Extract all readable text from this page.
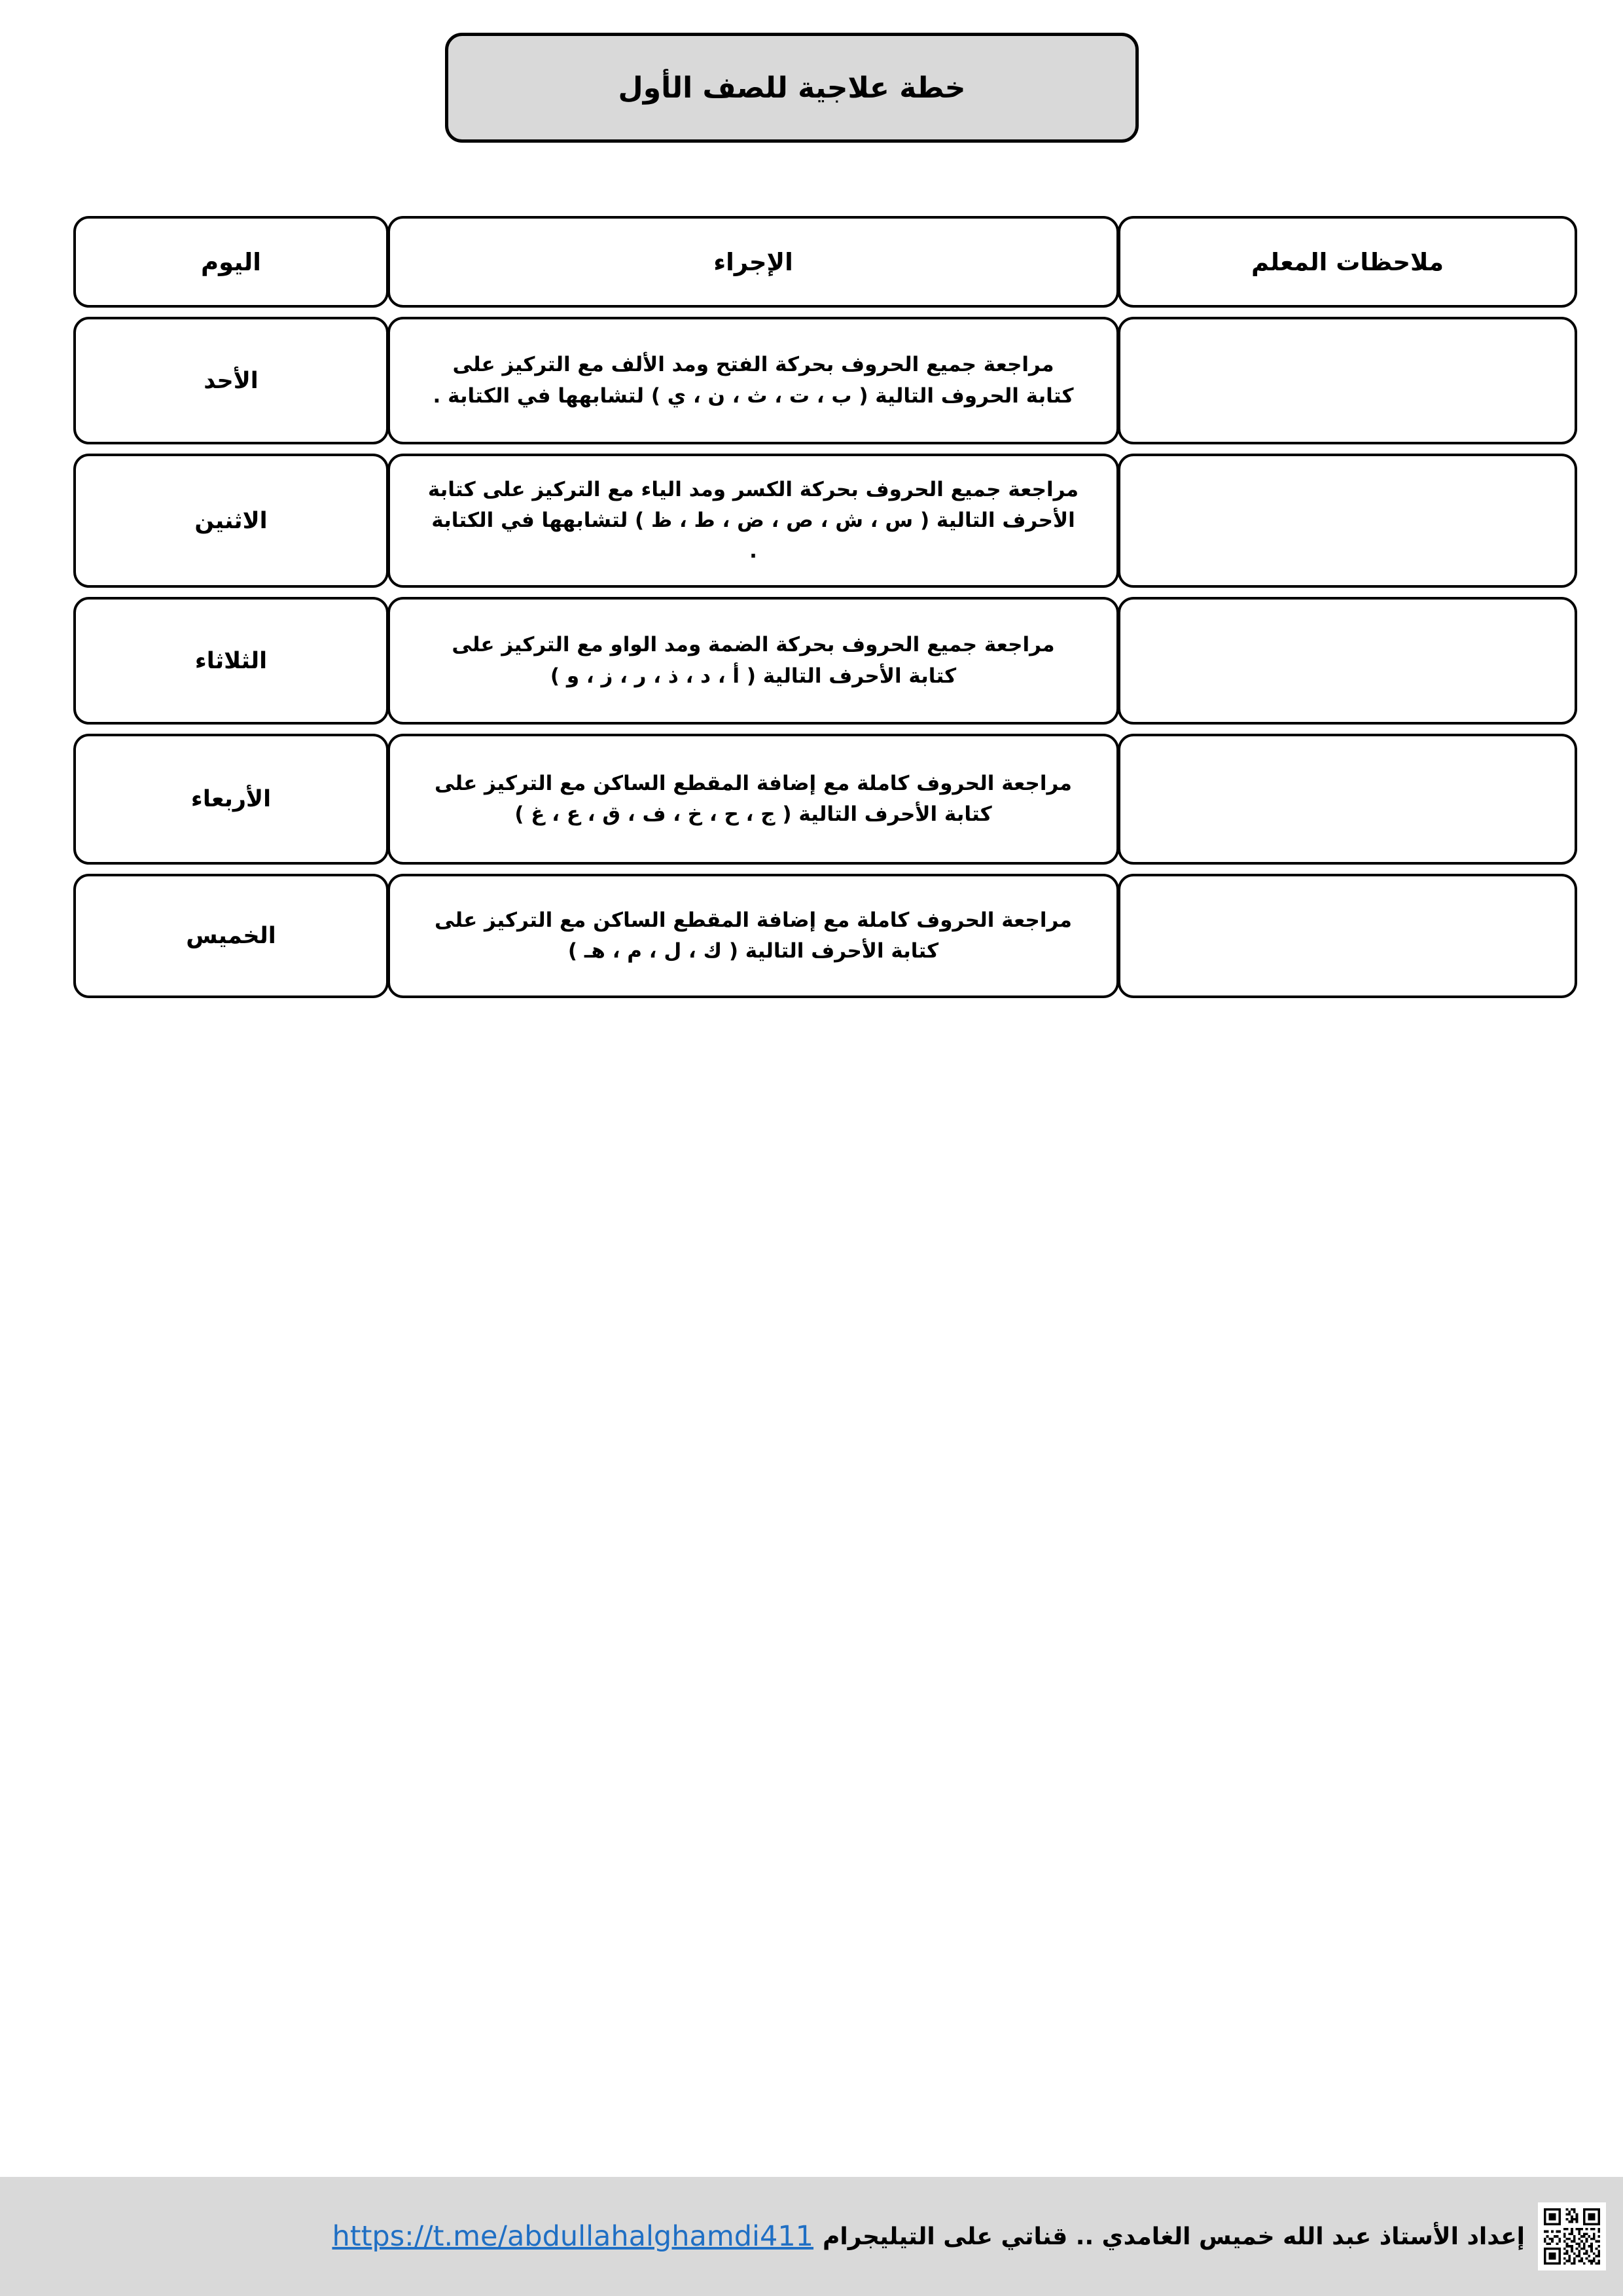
خطة علاجية للصف الأول
ملاحظات المعلم
الإجراء
اليوم
مراجعة جميع الحروف بحركة الفتح ومد الألف مع التركيز على كتابة الحروف التالية ( ب ، ت ، ث ، ن ، ي ) لتشابهها في الكتابة .
الأحد
مراجعة جميع الحروف بحركة الكسر ومد الياء مع التركيز على كتابة الأحرف التالية ( س ، ش ، ص ، ض ، ط ، ظ ) لتشابهها في الكتابة .
الاثنين
مراجعة جميع الحروف بحركة الضمة ومد الواو مع التركيز على كتابة الأحرف التالية ( أ ، د ، ذ ، ر ، ز ، و )
الثلاثاء
مراجعة الحروف كاملة مع إضافة المقطع الساكن مع التركيز على كتابة الأحرف التالية ( ج ، ح ، خ ، ف ، ق ، ع ، غ )
الأربعاء
مراجعة الحروف كاملة مع إضافة المقطع الساكن مع التركيز على كتابة الأحرف التالية ( ك ، ل ، م ، هـ )
الخميس
إعداد الأستاذ عبد الله خميس الغامدي .. قناتي على التيليجرام
https://t.me/abdullahalghamdi411
